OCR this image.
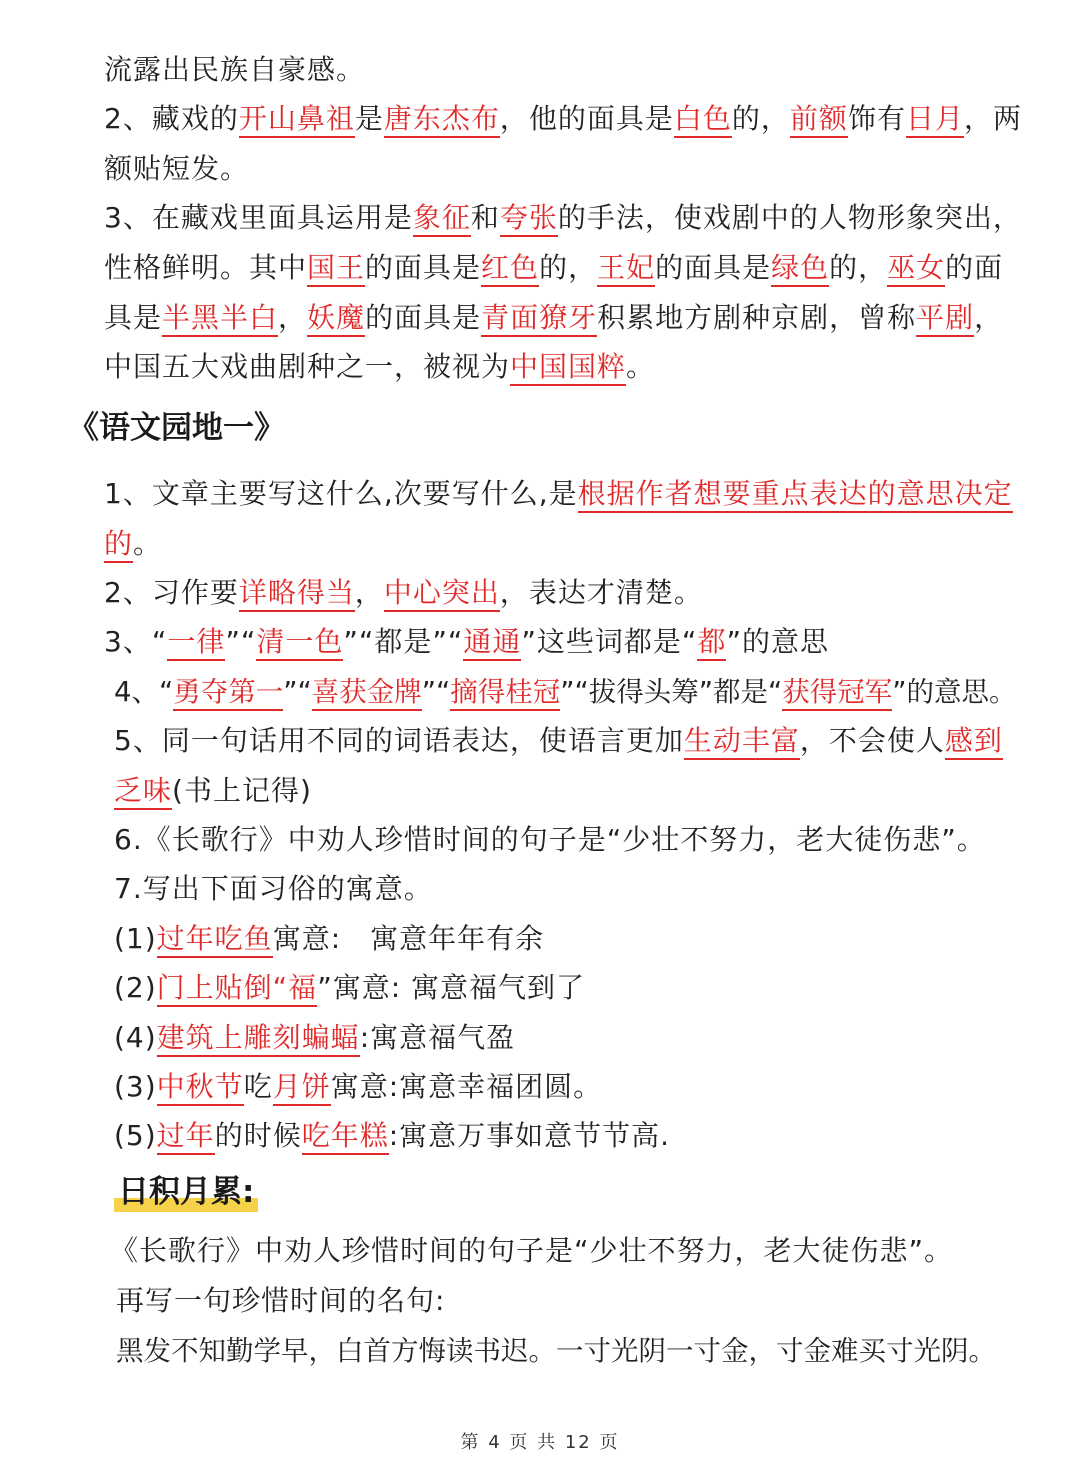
流露出民族自豪感。
2、藏戏的开山鼻祖是唐东杰布，他的面具是白色的，前额饰有日月，两
额贴短发。
3、在藏戏里面具运用是象征和夸张的手法，使戏剧中的人物形象突出，
性格鲜明。其中国王的面具是红色的，王妃的面具是绿色的，巫女的面
具是半黑半白，妖魔的面具是青面獠牙积累地方剧种京剧，曾称平剧，
中国五大戏曲剧种之一，被视为中国国粹。
《语文园地一》
1、文章主要写这什么,次要写什么,是根据作者想要重点表达的意思决定
的。
2、习作要详略得当，中心突出，表达才清楚。
3、“一律”“清一色”“都是”“通通”这些词都是“都”的意思
4、“勇夺第一”“喜获金牌”“摘得桂冠”“拔得头筹”都是“获得冠军”的意思。
5、同一句话用不同的词语表达，使语言更加生动丰富，不会使人感到
乏味(书上记得)
6.《长歌行》中劝人珍惜时间的句子是“少壮不努力，老大徒伤悲”。
7.写出下面习俗的寓意。
(1)过年吃鱼寓意:　寓意年年有余
(2)门上贴倒“福”寓意: 寓意福气到了
(4)建筑上雕刻蝙蝠:寓意福气盈
(3)中秋节吃月饼寓意:寓意幸福团圆。
(5)过年的时候吃年糕:寓意万事如意节节高.
日积月累:
《长歌行》中劝人珍惜时间的句子是“少壮不努力，老大徒伤悲”。
再写一句珍惜时间的名句:
黑发不知勤学早，白首方悔读书迟。一寸光阴一寸金，寸金难买寸光阴。
第 4 页 共 12 页
